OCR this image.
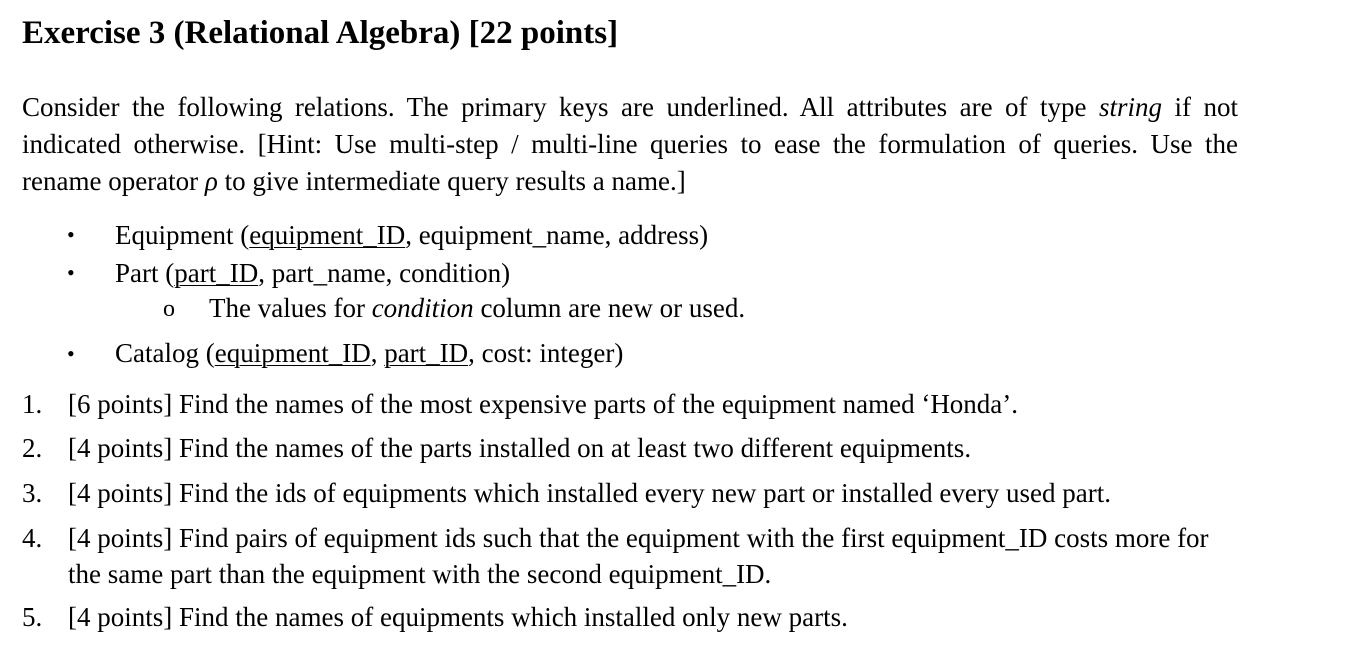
Exercise 3 (Relational Algebra) [22 points]
Consider the following relations. The primary keys are underlined. All attributes are of type string if not indicated otherwise. [Hint: Use multi-step / multi-line queries to ease the formulation of queries. Use the rename operator ρ to give intermediate query results a name.]
• Equipment (equipment_ID, equipment_name, address)
• Part (part_ID, part_name, condition)
o The values for condition column are new or used.
• Catalog (equipment_ID, part_ID, cost: integer)
1. [6 points] Find the names of the most expensive parts of the equipment named ‘Honda’.
2. [4 points] Find the names of the parts installed on at least two different equipments.
3. [4 points] Find the ids of equipments which installed every new part or installed every used part.
4. [4 points] Find pairs of equipment ids such that the equipment with the first equipment_ID costs more for the same part than the equipment with the second equipment_ID.
5. [4 points] Find the names of equipments which installed only new parts.
